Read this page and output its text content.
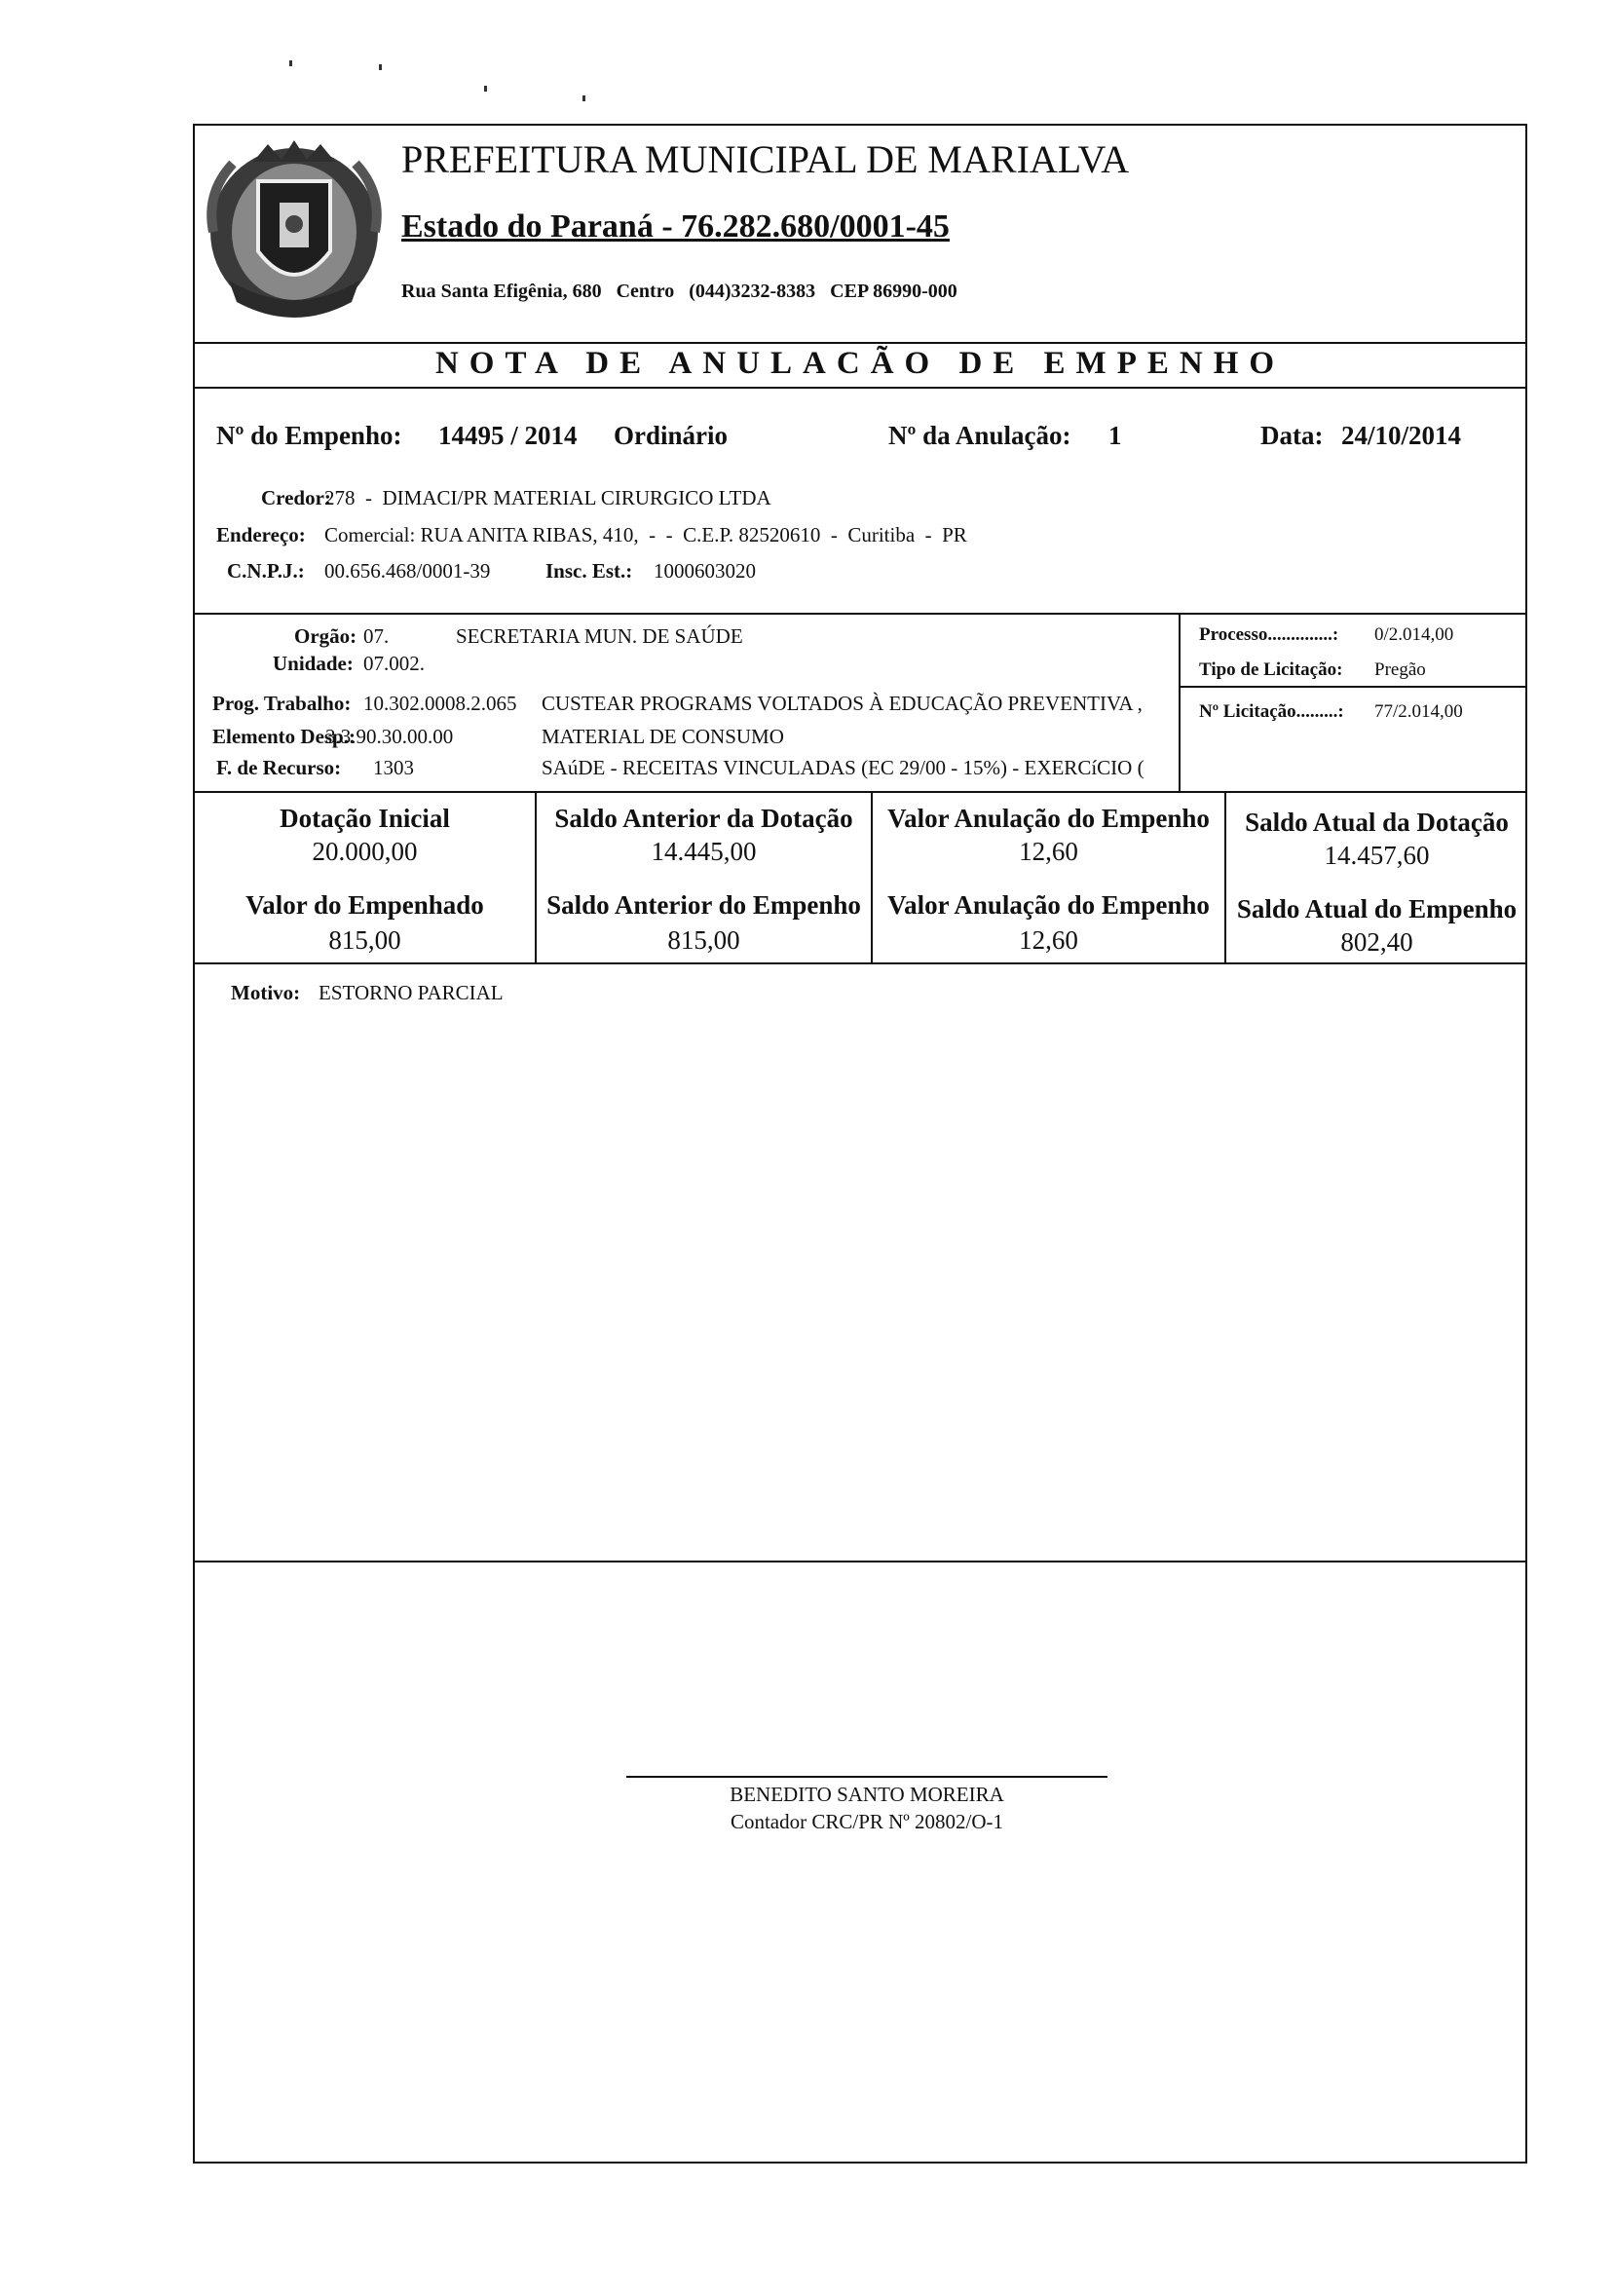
PREFEITURA MUNICIPAL DE MARIALVA
Estado do Paraná - 76.282.680/0001-45
Rua Santa Efigênia, 680   Centro   (044)3232-8383   CEP 86990-000
NOTA DE ANULACÃO DE EMPENHO
Nº do Empenho: 14495 / 2014 Ordinário	Nº da Anulação: 1	Data: 24/10/2014
Credor:
278  -  DIMACI/PR MATERIAL CIRURGICO LTDA
Endereço: Comercial: RUA ANITA RIBAS, 410,  -  -  C.E.P. 82520610  -  Curitiba  -  PR
C.N.P.J.: 00.656.468/0001-39	Insc. Est.: 1000603020
Orgão: 07.	SECRETARIA MUN. DE SAÚDE
Unidade: 07.002.
Prog. Trabalho: 10.302.0008.2.065 CUSTEAR PROGRAMS VOLTADOS À EDUCAÇÃO PREVENTIVA ,
Elemento Desp.:
3.3.90.30.00.00	MATERIAL DE CONSUMO
F. de Recurso: 1303	SAúDE - RECEITAS VINCULADAS (EC 29/00 - 15%) - EXERCíCIO (
Processo..............: 0/2.014,00
Tipo de Licitação: Pregão
Nº Licitação.........: 77/2.014,00
Dotação Inicial
20.000,00
Saldo Anterior da Dotação
14.445,00
Valor Anulação do Empenho
12,60
Saldo Atual da Dotação
14.457,60
Valor do Empenhado
815,00
Saldo Anterior do Empenho
815,00
Valor Anulação do Empenho
12,60
Saldo Atual do Empenho
802,40
Motivo: ESTORNO PARCIAL
BENEDITO SANTO MOREIRA
Contador CRC/PR Nº 20802/O-1
